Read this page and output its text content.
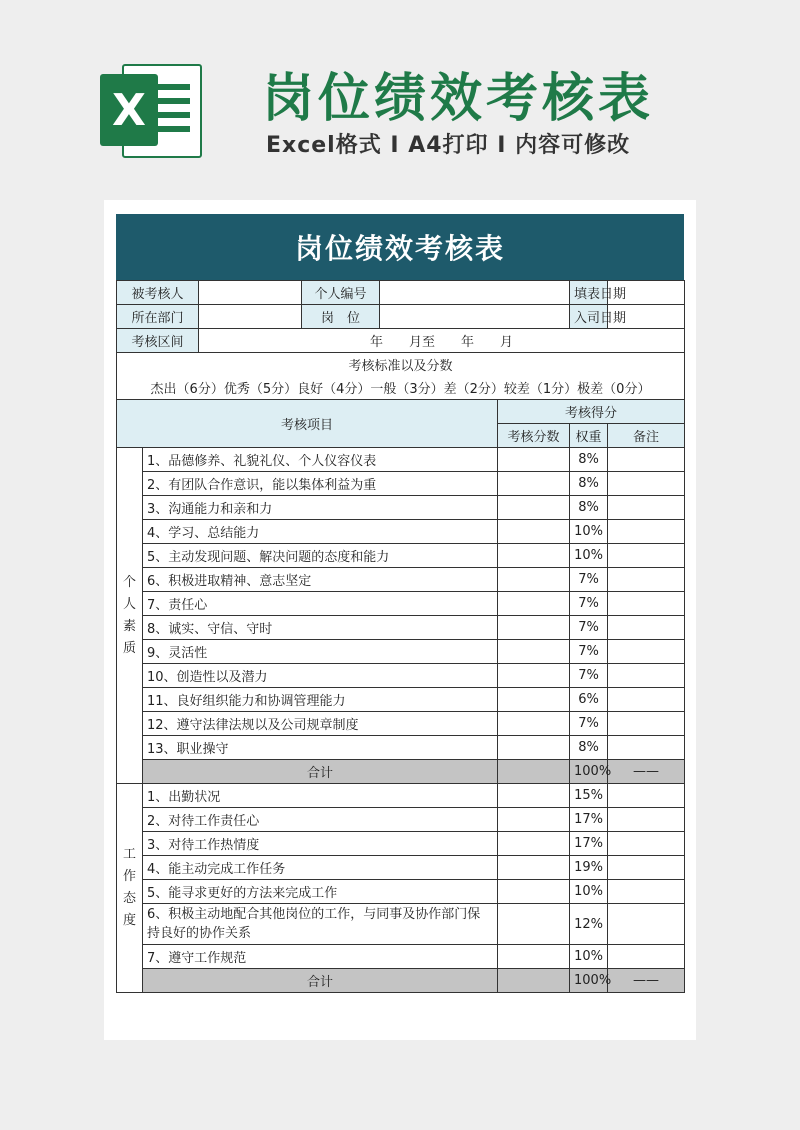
X 岗位绩效考核表
Excel格式 I A4打印 I 内容可修改
岗位绩效考核表
被考核人			个人编号			填表日期	
所在部门			岗　位			入司日期	
考核区间		年　　月至　　年　　月					
考核标准以及分数							
杰出（6分）优秀（5分）良好（4分）一般（3分）差（2分）较差（1分）极差（0分）							
考核项目					考核得分		
					考核分数	权重	备注
个人素质	1、品德修养、礼貌礼仪、个人仪容仪表					8%	
	2、有团队合作意识，能以集体利益为重					8%	
	3、沟通能力和亲和力					8%	
	4、学习、总结能力					10%	
	5、主动发现问题、解决问题的态度和能力					10%	
	6、积极进取精神、意志坚定					7%	
	7、责任心					7%	
	8、诚实、守信、守时					7%	
	9、灵活性					7%	
	10、创造性以及潜力					7%	
	11、良好组织能力和协调管理能力					6%	
	12、遵守法律法规以及公司规章制度					7%	
	13、职业操守					8%	
	合计					100%	——
工作态度	1、出勤状况					15%	
	2、对待工作责任心					17%	
	3、对待工作热情度					17%	
	4、能主动完成工作任务					19%	
	5、能寻求更好的方法来完成工作					10%	
	6、积极主动地配合其他岗位的工作，与同事及协作部门保持良好的协作关系					12%	
	7、遵守工作规范					10%	
	合计					100%	——
